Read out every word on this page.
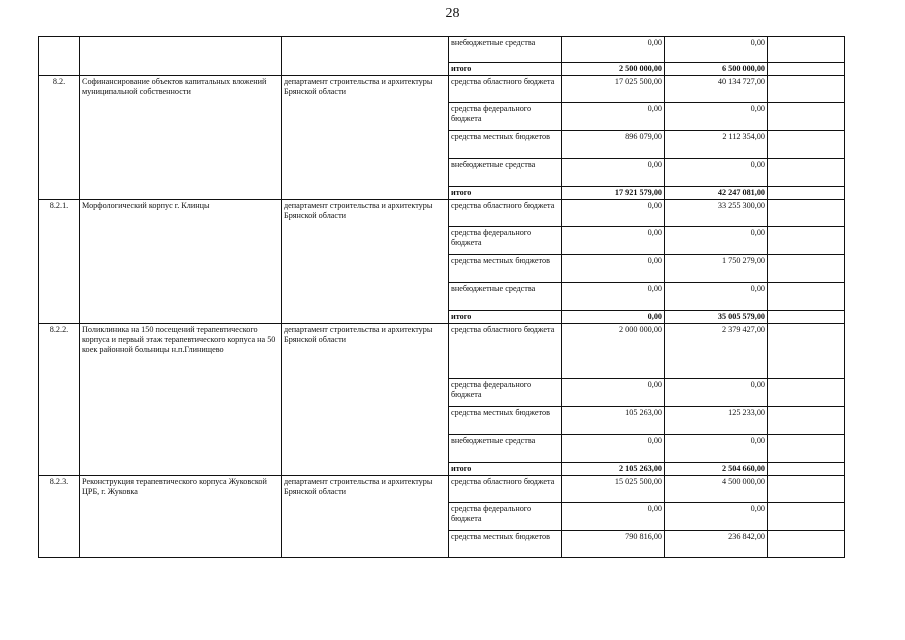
28
			внебюджетные средства	0,00	0,00	
			итого	2 500 000,00	6 500 000,00	
8.2.	Софинансирование объектов капитальных вложений муниципальной собственности	департамент строительства и архитектуры Брянской области	средства областного бюджета	17 025 500,00	40 134 727,00	
			средства федерального бюджета	0,00	0,00	
			средства местных бюджетов	896 079,00	2 112 354,00	
			внебюджетные средства	0,00	0,00	
			итого	17 921 579,00	42 247 081,00	
8.2.1.	Морфологический корпус г. Клинцы	департамент строительства и архитектуры Брянской области	средства областного бюджета	0,00	33 255 300,00	
			средства федерального бюджета	0,00	0,00	
			средства местных бюджетов	0,00	1 750 279,00	
			внебюджетные средства	0,00	0,00	
			итого	0,00	35 005 579,00	
8.2.2.	Поликлиника на 150 посещений терапевтического корпуса и первый этаж терапевтического корпуса на 50 коек районной больницы н.п.Глинищево	департамент строительства и архитектуры Брянской области	средства областного бюджета	2 000 000,00	2 379 427,00	
			средства федерального бюджета	0,00	0,00	
			средства местных бюджетов	105 263,00	125 233,00	
			внебюджетные средства	0,00	0,00	
			итого	2 105 263,00	2 504 660,00	
8.2.3.	Реконструкция терапевтического корпуса Жуковской ЦРБ, г. Жуковка	департамент строительства и архитектуры Брянской области	средства областного бюджета	15 025 500,00	4 500 000,00	
			средства федерального бюджета	0,00	0,00	
			средства местных бюджетов	790 816,00	236 842,00	
